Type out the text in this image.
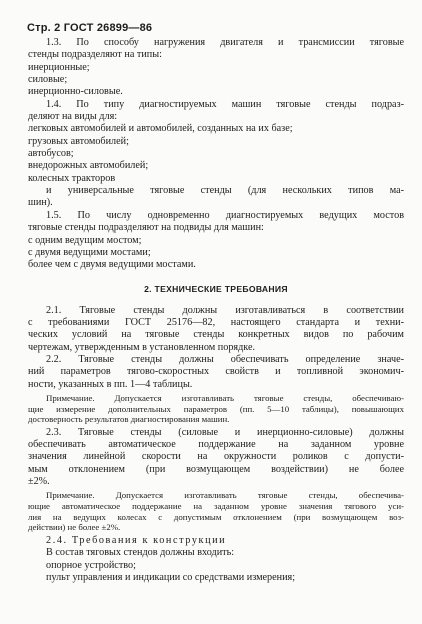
Стр. 2 ГОСТ 26899—86
1.3. По способу нагружения двигателя и трансмиссии тяговые
стенды подразделяют на типы:
инерционные;
силовые;
инерционно-силовые.
1.4. По типу диагностируемых машин тяговые стенды подраз-
деляют на виды для:
легковых автомобилей и автомобилей, созданных на их базе;
грузовых автомобилей;
автобусов;
внедорожных автомобилей;
колесных тракторов
и универсальные тяговые стенды (для нескольких типов ма-
шин).
1.5. По числу одновременно диагностируемых ведущих мостов
тяговые стенды подразделяют на подвиды для машин:
с одним ведущим мостом;
с двумя ведущими мостами;
более чем с двумя ведущими мостами.
2. ТЕХНИЧЕСКИЕ ТРЕБОВАНИЯ
2.1. Тяговые стенды должны изготавливаться в соответствии
с требованиями ГОСТ 25176—82, настоящего стандарта и техни-
ческих условий на тяговые стенды конкретных видов по рабочим
чертежам, утвержденным в установленном порядке.
2.2. Тяговые стенды должны обеспечивать определение значе-
ний параметров тягово-скоростных свойств и топливной экономич-
ности, указанных в пп. 1—4 таблицы.
Примечание. Допускается изготавливать тяговые стенды, обеспечиваю-
щие измерение дополнительных параметров (пп. 5—10 таблицы), повышающих
достоверность результатов диагностирования машин.
2.3. Тяговые стенды (силовые и инерционно-силовые) должны
обеспечивать автоматическое поддержание на заданном уровне
значения линейной скорости на окружности роликов с допусти-
мым отклонением (при возмущающем воздействии) не более
±2%.
Примечание. Допускается изготавливать тяговые стенды, обеспечива-
ющие автоматическое поддержание на заданном уровне значения тягового уси-
лия на ведущих колесах с допустимым отклонением (при возмущающем воз-
действии) не более ±2%.
2.4. Требования к конструкции
В состав тяговых стендов должны входить:
опорное устройство;
пульт управления и индикации со средствами измерения;
